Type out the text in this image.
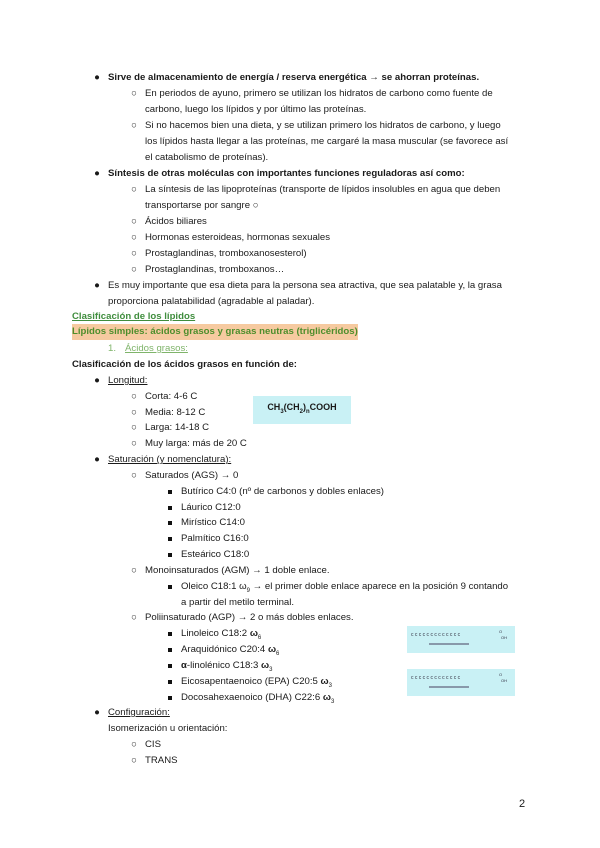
● Sirve de almacenamiento de energía / reserva energética → se ahorran proteínas.
○ En periodos de ayuno, primero se utilizan los hidratos de carbono como fuente de
carbono, luego los lípidos y por último las proteínas.
○ Si no hacemos bien una dieta, y se utilizan primero los hidratos de carbono, y luego
los lípidos hasta llegar a las proteínas, me cargaré la masa muscular (se favorece así
el catabolismo de proteínas).
● Síntesis de otras moléculas con importantes funciones reguladoras así como:
○ La síntesis de las lipoproteínas (transporte de lípidos insolubles en agua que deben
transportarse por sangre ○
○ Ácidos biliares
○ Hormonas esteroideas, hormonas sexuales
○ Prostaglandinas, tromboxanosesterol)
○ Prostaglandinas, tromboxanos…
● Es muy importante que esa dieta para la persona sea atractiva, que sea palatable y, la grasa
proporciona palatabilidad (agradable al paladar).
Clasificación de los lípidos
Lípidos simples: ácidos grasos y grasas neutras (triglicéridos)
1. Ácidos grasos:
Clasificación de los ácidos grasos en función de:
● Longitud:
○ Corta: 4-6 C
○ Media: 8-12 C
○ Larga: 14-18 C
○ Muy larga: más de 20 C
$CH_3(CH_2)_nCOOH$
● Saturación (y nomenclatura):
○ Saturados (AGS) → 0
Butírico C4:0 (nº de carbonos y dobles enlaces)
Láurico C12:0
Mirístico C14:0
Palmítico C16:0
Esteárico C18:0
○ Monoinsaturados (AGM) → 1 doble enlace.
Oleico C18:1 $\omega_9$ → el primer doble enlace aparece en la posición 9 contando
a partir del metilo terminal.
○ Poliinsaturado (AGP) → 2 o más dobles enlaces.
Linoleico C18:2 $\omega_6$
Araquidónico C20:4 $\omega_6$
α-linolénico C18:3 $\omega_3$
Eicosapentaenoico (EPA) C20:5 $\omega_3$
Docosahexaenoico (DHA) C22:6 $\omega_3$
c c c c c c c c c c c c c
O
OH
c c c c c c c c c c c c c
O
OH
● Configuración:
Isomerización u orientación:
○ CIS
○ TRANS
2
